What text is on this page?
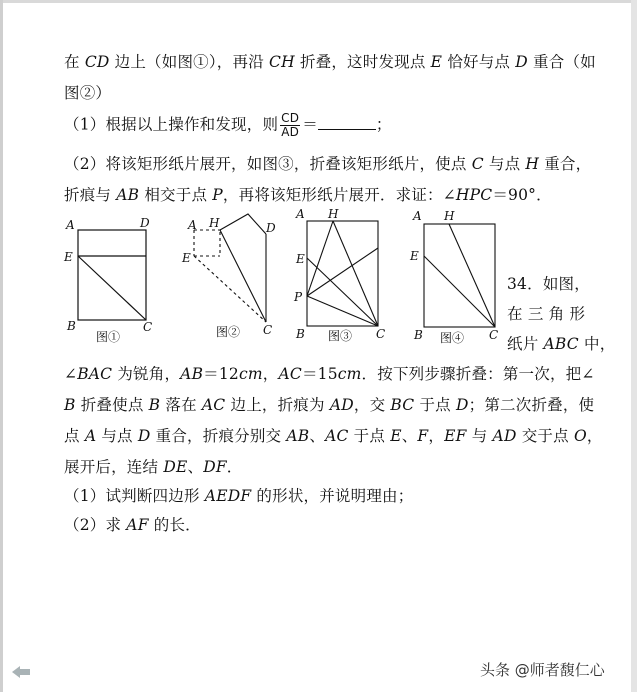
在 CD 边上（如图①），再沿 CH 折叠，这时发现点 E 恰好与点 D 重合（如
图②）
（1）根据以上操作和发现，则 $\frac{CD}{AD}$ ＝	；
（2）将该矩形纸片展开，如图③，折叠该矩形纸片，使点 C 与点 H 重合，
折痕与 AB 相交于点 P，再将该矩形纸片展开．求证：∠HPC＝90°．
A	D
E
B	C
图①
A H	D
E
C
图②
A H
E
P
B	C
图③
A H
E
B	C
图④
34．如图，
在 三 角 形
纸片 ABC 中，
∠BAC 为锐角，AB＝12cm，AC＝15cm．按下列步骤折叠：第一次，把∠
B 折叠使点 B 落在 AC 边上，折痕为 AD，交 BC 于点 D；第二次折叠，使
点 A 与点 D 重合，折痕分别交 AB、AC 于点 E、F，EF 与 AD 交于点 O，
展开后，连结 DE、DF．
（1）试判断四边形 AEDF 的形状，并说明理由；
（2）求 AF 的长．
头条 @师者馥仁心
